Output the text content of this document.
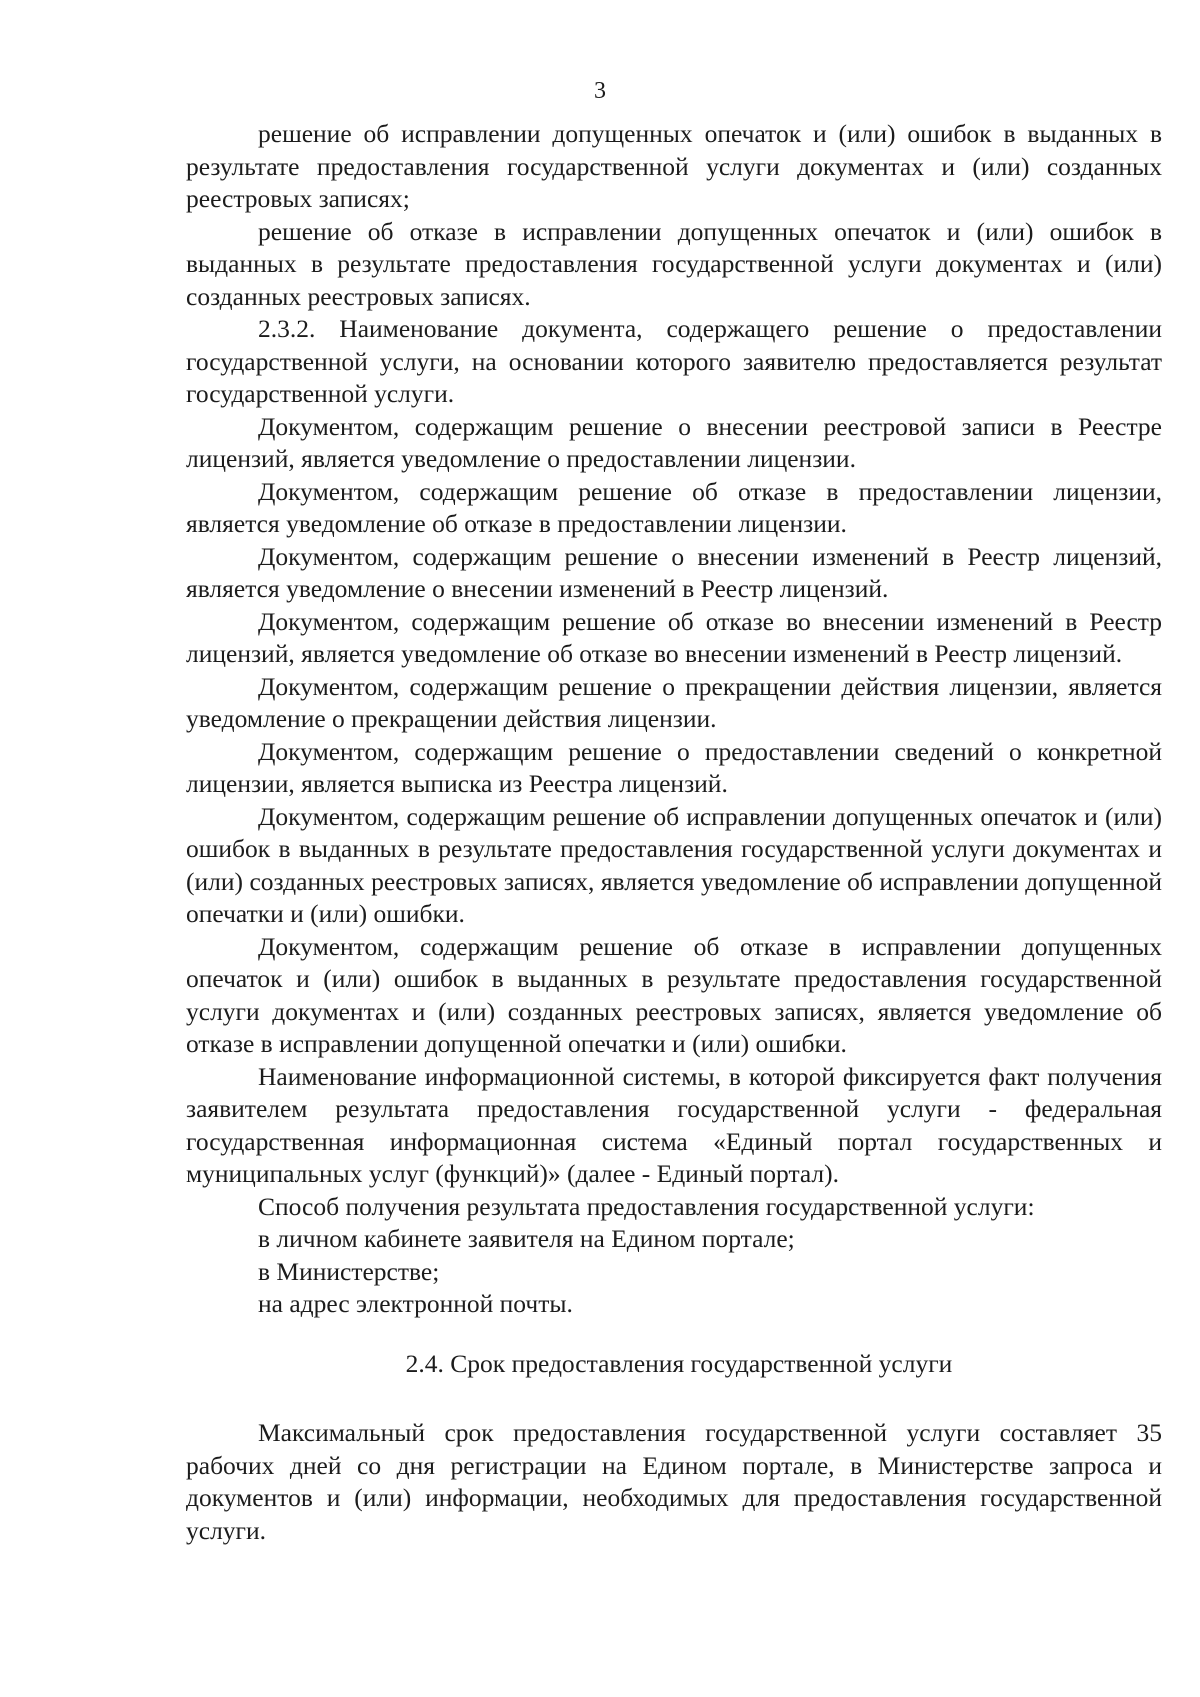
3

решение об исправлении допущенных опечаток и (или) ошибок в выданных в результате предоставления государственной услуги документах и (или) созданных реестровых записях;

решение об отказе в исправлении допущенных опечаток и (или) ошибок в выданных в результате предоставления государственной услуги документах и (или) созданных реестровых записях.

2.3.2. Наименование документа, содержащего решение о предоставлении государственной услуги, на основании которого заявителю предоставляется результат государственной услуги.

Документом, содержащим решение о внесении реестровой записи в Реестре лицензий, является уведомление о предоставлении лицензии.

Документом, содержащим решение об отказе в предоставлении лицензии, является уведомление об отказе в предоставлении лицензии.

Документом, содержащим решение о внесении изменений в Реестр лицензий, является уведомление о внесении изменений в Реестр лицензий.

Документом, содержащим решение об отказе во внесении изменений в Реестр лицензий, является уведомление об отказе во внесении изменений в Реестр лицензий.

Документом, содержащим решение о прекращении действия лицензии, является уведомление о прекращении действия лицензии.

Документом, содержащим решение о предоставлении сведений о конкретной лицензии, является выписка из Реестра лицензий.

Документом, содержащим решение об исправлении допущенных опечаток и (или) ошибок в выданных в результате предоставления государственной услуги документах и (или) созданных реестровых записях, является уведомление об исправлении допущенной опечатки и (или) ошибки.

Документом, содержащим решение об отказе в исправлении допущенных опечаток и (или) ошибок в выданных в результате предоставления государственной услуги документах и (или) созданных реестровых записях, является уведомление об отказе в исправлении допущенной опечатки и (или) ошибки.

Наименование информационной системы, в которой фиксируется факт получения заявителем результата предоставления государственной услуги - федеральная государственная информационная система «Единый портал государственных и муниципальных услуг (функций)» (далее - Единый портал).

Способ получения результата предоставления государственной услуги:

в личном кабинете заявителя на Едином портале;

в Министерстве;

на адрес электронной почты.

2.4. Срок предоставления государственной услуги

Максимальный срок предоставления государственной услуги составляет 35 рабочих дней со дня регистрации на Едином портале, в Министерстве запроса и документов и (или) информации, необходимых для предоставления государственной услуги.
